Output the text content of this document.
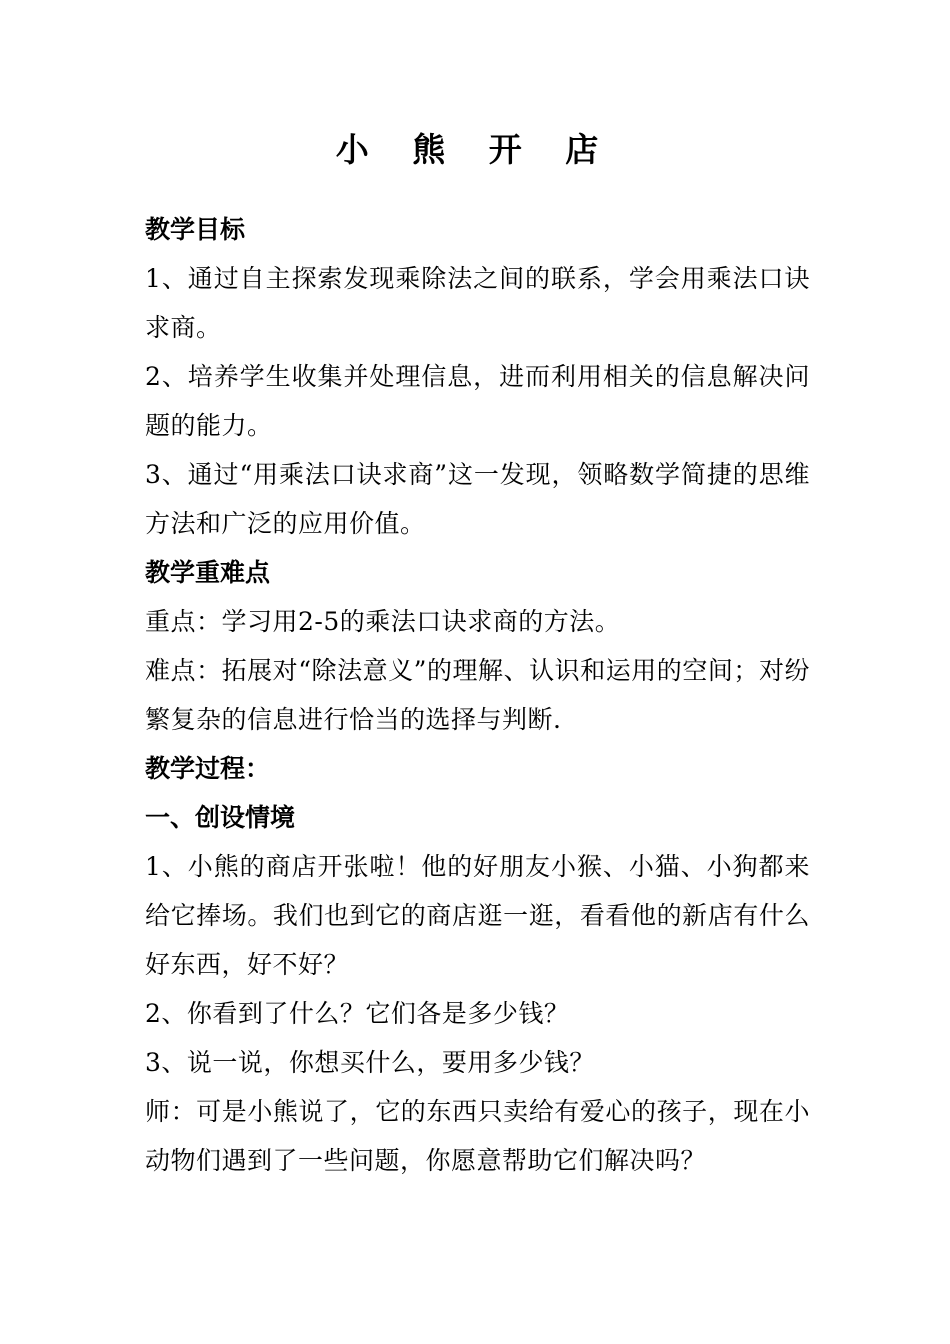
小 熊 开 店

教学目标

1、通过自主探索发现乘除法之间的联系，学会用乘法口诀求商。

2、培养学生收集并处理信息，进而利用相关的信息解决问题的能力。

3、通过“用乘法口诀求商”这一发现，领略数学简捷的思维方法和广泛的应用价值。

教学重难点

重点：学习用2-5的乘法口诀求商的方法。

难点：拓展对“除法意义”的理解、认识和运用的空间；对纷繁复杂的信息进行恰当的选择与判断.

教学过程：

一、创设情境

1、小熊的商店开张啦！他的好朋友小猴、小猫、小狗都来给它捧场。我们也到它的商店逛一逛，看看他的新店有什么好东西，好不好？

2、你看到了什么？它们各是多少钱？

3、说一说，你想买什么，要用多少钱？

师：可是小熊说了，它的东西只卖给有爱心的孩子，现在小动物们遇到了一些问题，你愿意帮助它们解决吗？
